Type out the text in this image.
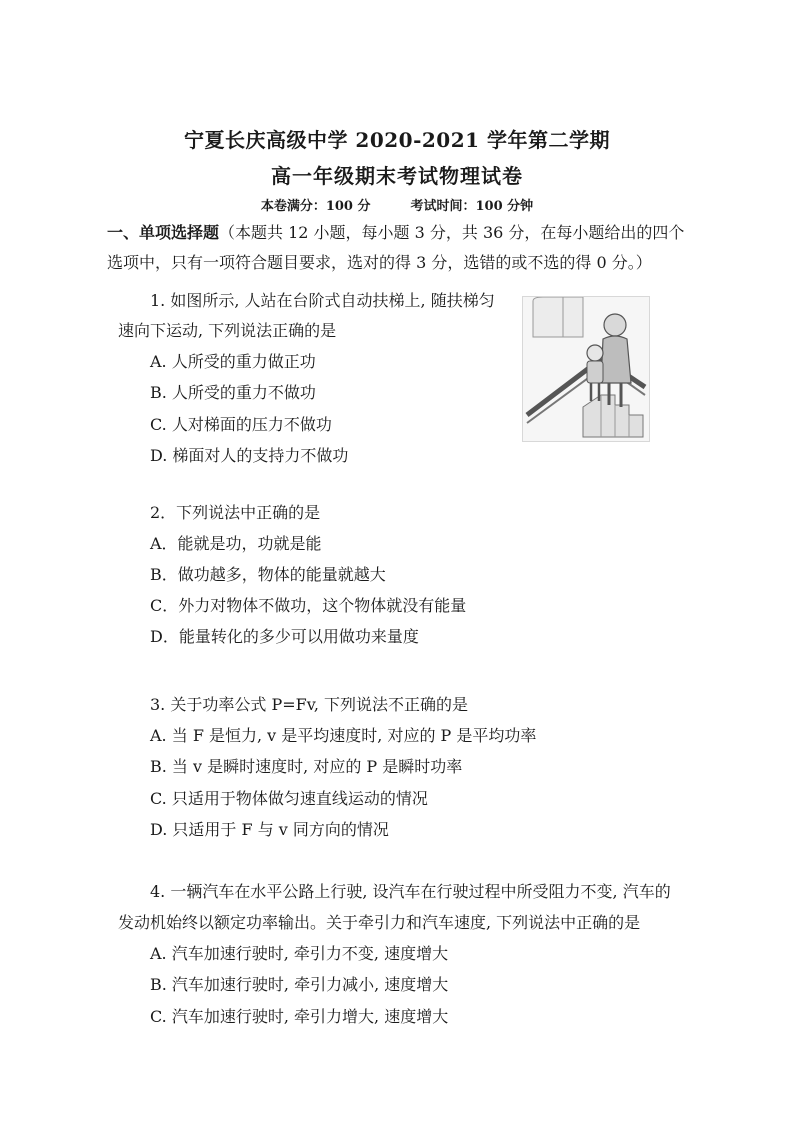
宁夏长庆高级中学 2020-2021 学年第二学期
高一年级期末考试物理试卷
本卷满分：100 分	考试时间：100 分钟
一、单项选择题（本题共 12 小题，每小题 3 分，共 36 分，在每小题给出的四个
选项中，只有一项符合题目要求，选对的得 3 分，选错的或不选的得 0 分。）
1. 如图所示, 人站在台阶式自动扶梯上, 随扶梯匀
速向下运动, 下列说法正确的是
A. 人所受的重力做正功
B. 人所受的重力不做功
C. 人对梯面的压力不做功
D. 梯面对人的支持力不做功
2．下列说法中正确的是
A．能就是功，功就是能
B．做功越多，物体的能量就越大
C．外力对物体不做功，这个物体就没有能量
D．能量转化的多少可以用做功来量度
3. 关于功率公式 P=Fv, 下列说法不正确的是
A. 当 F 是恒力, v 是平均速度时, 对应的 P 是平均功率
B. 当 v 是瞬时速度时, 对应的 P 是瞬时功率
C. 只适用于物体做匀速直线运动的情况
D. 只适用于 F 与 v 同方向的情况
4. 一辆汽车在水平公路上行驶, 设汽车在行驶过程中所受阻力不变, 汽车的
发动机始终以额定功率输出。关于牵引力和汽车速度, 下列说法中正确的是
A. 汽车加速行驶时, 牵引力不变, 速度增大
B. 汽车加速行驶时, 牵引力减小, 速度增大
C. 汽车加速行驶时, 牵引力增大, 速度增大
